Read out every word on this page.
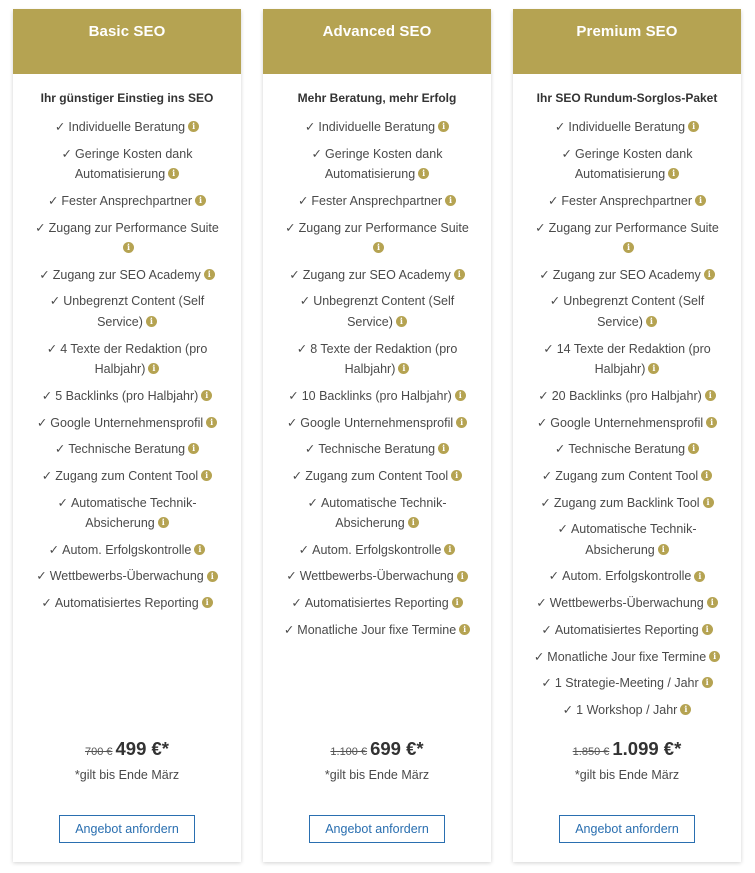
Basic SEO
Ihr günstiger Einstieg ins SEO
✓ Individuelle Beratung i
✓ Geringe Kosten dank Automatisierung i
✓ Fester Ansprechpartner i
✓ Zugang zur Performance Suitei
✓ Zugang zur SEO Academy i
✓ Unbegrenzt Content (Self Service) i
✓ 4 Texte der Redaktion (pro Halbjahr) i
✓ 5 Backlinks (pro Halbjahr) i
✓ Google Unternehmensprofil i
✓ Technische Beratung i
✓ Zugang zum Content Tool i
✓ Automatische Technik-Absicherung i
✓ Autom. Erfolgskontrolle i
✓ Wettbewerbs-Überwachung i
✓ Automatisiertes Reporting i
700 € 499 €*
*gilt bis Ende März
Angebot anfordern
Advanced SEO
Mehr Beratung, mehr Erfolg
✓ Individuelle Beratung i
✓ Geringe Kosten dank Automatisierung i
✓ Fester Ansprechpartner i
✓ Zugang zur Performance Suitei
✓ Zugang zur SEO Academy i
✓ Unbegrenzt Content (Self Service) i
✓ 8 Texte der Redaktion (pro Halbjahr) i
✓ 10 Backlinks (pro Halbjahr) i
✓ Google Unternehmensprofil i
✓ Technische Beratung i
✓ Zugang zum Content Tool i
✓ Automatische Technik-Absicherung i
✓ Autom. Erfolgskontrolle i
✓ Wettbewerbs-Überwachung i
✓ Automatisiertes Reporting i
✓ Monatliche Jour fixe Termine i
1.100 € 699 €*
*gilt bis Ende März
Angebot anfordern
Premium SEO
Ihr SEO Rundum-Sorglos-Paket
✓ Individuelle Beratung i
✓ Geringe Kosten dank Automatisierung i
✓ Fester Ansprechpartner i
✓ Zugang zur Performance Suitei
✓ Zugang zur SEO Academy i
✓ Unbegrenzt Content (Self Service) i
✓ 14 Texte der Redaktion (pro Halbjahr) i
✓ 20 Backlinks (pro Halbjahr) i
✓ Google Unternehmensprofil i
✓ Technische Beratung i
✓ Zugang zum Content Tool i
✓ Zugang zum Backlink Tool i
✓ Automatische Technik-Absicherung i
✓ Autom. Erfolgskontrolle i
✓ Wettbewerbs-Überwachung i
✓ Automatisiertes Reporting i
✓ Monatliche Jour fixe Termine i
✓ 1 Strategie-Meeting / Jahr i
✓ 1 Workshop / Jahr i
1.850 € 1.099 €*
*gilt bis Ende März
Angebot anfordern
